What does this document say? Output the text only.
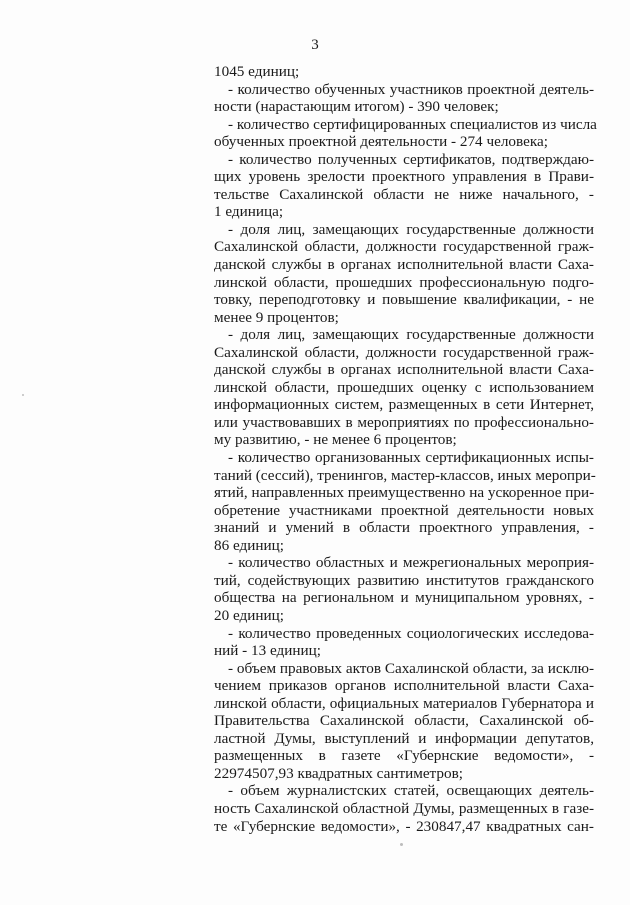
3
1045 единиц;
- количество обученных участников проектной деятель-
ности (нарастающим итогом) - 390 человек;
- количество сертифицированных специалистов из числа
обученных проектной деятельности - 274 человека;
- количество полученных сертификатов, подтверждаю-
щих уровень зрелости проектного управления в Прави-
тельстве Сахалинской области не ниже начального, -
1 единица;
- доля лиц, замещающих государственные должности
Сахалинской области, должности государственной граж-
данской службы в органах исполнительной власти Саха-
линской области, прошедших профессиональную подго-
товку, переподготовку и повышение квалификации, - не
менее 9 процентов;
- доля лиц, замещающих государственные должности
Сахалинской области, должности государственной граж-
данской службы в органах исполнительной власти Саха-
линской области, прошедших оценку с использованием
информационных систем, размещенных в сети Интернет,
или участвовавших в мероприятиях по профессионально-
му развитию, - не менее 6 процентов;
- количество организованных сертификационных испы-
таний (сессий), тренингов, мастер-классов, иных меропри-
ятий, направленных преимущественно на ускоренное при-
обретение участниками проектной деятельности новых
знаний и умений в области проектного управления, -
86 единиц;
- количество областных и межрегиональных мероприя-
тий, содействующих развитию институтов гражданского
общества на региональном и муниципальном уровнях, -
20 единиц;
- количество проведенных социологических исследова-
ний - 13 единиц;
- объем правовых актов Сахалинской области, за исклю-
чением приказов органов исполнительной власти Саха-
линской области, официальных материалов Губернатора и
Правительства Сахалинской области, Сахалинской об-
ластной Думы, выступлений и информации депутатов,
размещенных в газете «Губернские ведомости», -
22974507,93 квадратных сантиметров;
- объем журналистских статей, освещающих деятель-
ность Сахалинской областной Думы, размещенных в газе-
те «Губернские ведомости», - 230847,47 квадратных сан-
